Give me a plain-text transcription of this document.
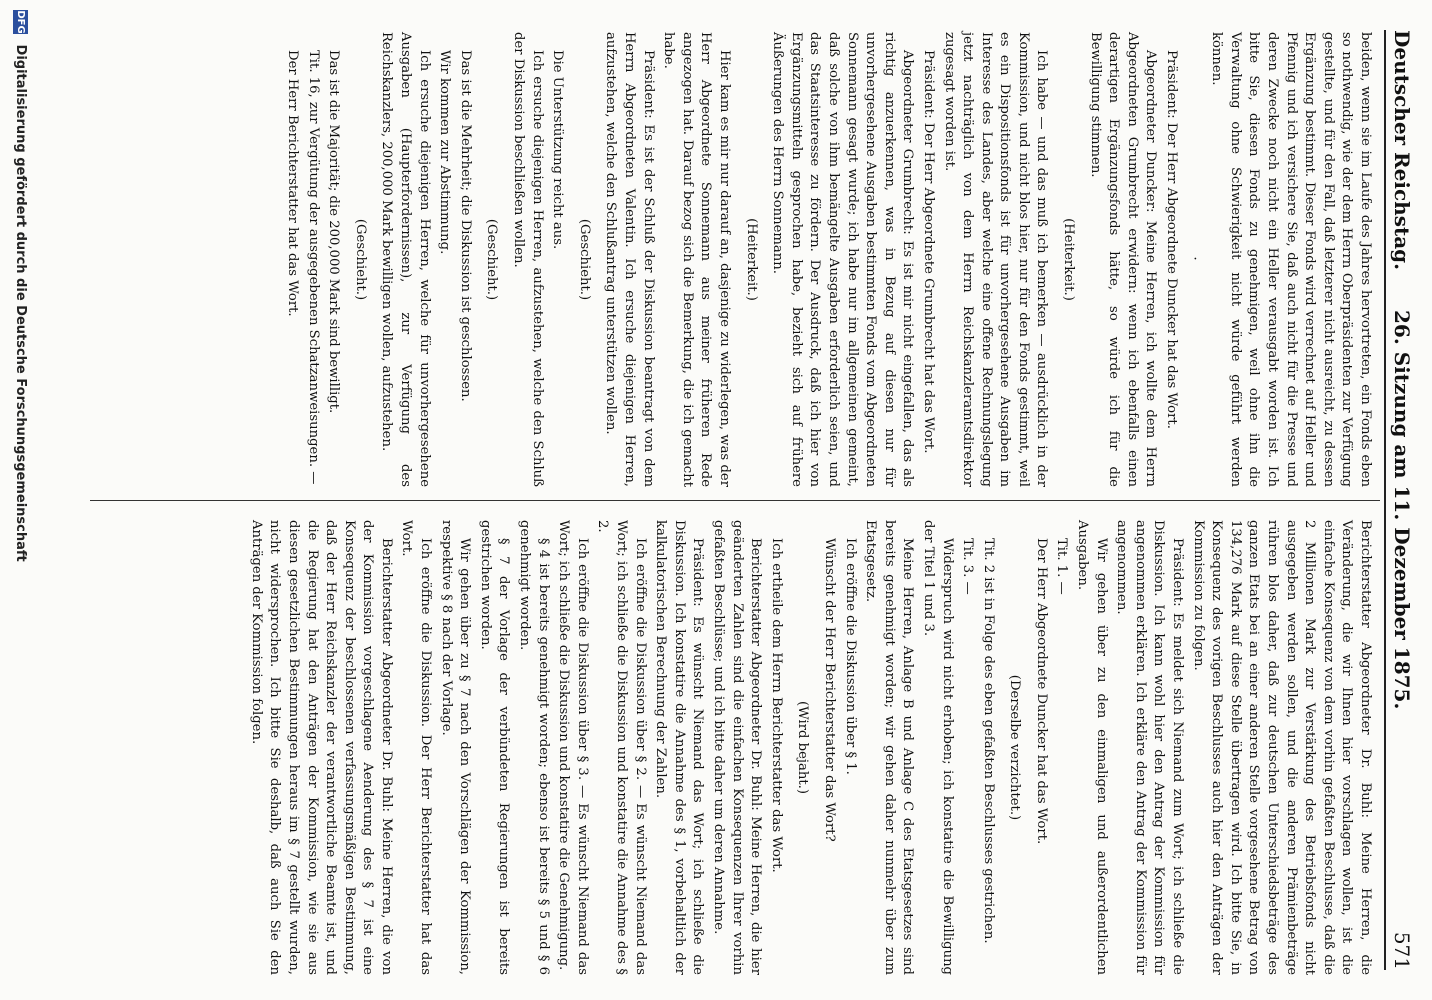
Deutscher Reichstag.
26. Sitzung am 11. Dezember 1875.
571

beiden, wenn sie im Laufe des Jahres hervortreten, ein Fonds eben so nothwendig, wie der dem Herrn Oberpräsidenten zur Verfügung gestellte, und für den Fall, daß letzterer nicht ausreicht, zu dessen Ergänzung bestimmt. Dieser Fonds wird verrechnet auf Heller und Pfennig und ich versichere Sie, daß auch nicht für die Presse und deren Zwecke noch nicht ein Heller verausgabt worden ist. Ich bitte Sie, diesen Fonds zu genehmigen, weil ohne ihn die Verwaltung ohne Schwierigkeit nicht würde geführt werden können.

·

Präsident: Der Herr Abgeordnete Duncker hat das Wort.

Abgeordneter Duncker: Meine Herren, ich wollte dem Herrn Abgeordneten Grumbrecht erwidern: wenn ich ebenfalls einen derartigen Ergänzungsfonds hätte, so würde ich für die Bewilligung stimmen.

(Heiterkeit.)

Ich habe — und das muß ich bemerken — ausdrücklich in der Kommission, und nicht blos hier, nur für den Fonds gestimmt, weil es ein Dispositionsfonds ist für unvorhergesehene Ausgaben im Interesse des Landes, aber welche eine offene Rechnungslegung jetzt nachträglich von dem Herrn Reichskanzleramtsdirektor zugesagt worden ist.

Präsident: Der Herr Abgeordnete Grumbrecht hat das Wort.

Abgeordneter Grumbrecht: Es ist mir nicht eingefallen, das als richtig anzuerkennen, was in Bezug auf diesen nur für unvorhergesehene Ausgaben bestimmten Fonds vom Abgeordneten Sonnemann gesagt wurde; ich habe nur im allgemeinen gemeint, daß solche von ihm bemängelte Ausgaben erforderlich seien, und das Staatsinteresse zu fördern. Der Ausdruck, daß ich hier von Ergänzungsmitteln gesprochen habe, bezieht sich auf frühere Äußerungen des Herrn Sonnemann.

(Heiterkeit.)

Hier kam es mir nur darauf an, dasjenige zu widerlegen, was der Herr Abgeordnete Sonnemann aus meiner früheren Rede angezogen hat. Darauf bezog sich die Bemerkung, die ich gemacht habe.

Präsident: Es ist der Schluß der Diskussion beantragt von dem Herrn Abgeordneten Valentin. Ich ersuche diejenigen Herren, aufzustehen, welche den Schlußantrag unterstützen wollen.

(Geschieht.)

Die Unterstützung reicht aus.

Ich ersuche diejenigen Herren, aufzustehen, welche den Schluß der Diskussion beschließen wollen.

(Geschieht.)

Das ist die Mehrheit; die Diskussion ist geschlossen.

Wir kommen zur Abstimmung.

Ich ersuche diejenigen Herren, welche für unvorhergesehene Ausgaben (Haupterfordernissen), zur Verfügung des Reichskanzlers, 200,000 Mark bewilligen wollen, aufzustehen.

(Geschieht.)

Das ist die Majorität; die 200,000 Mark sind bewilligt.

Tit. 16, zur Vergütung der ausgegebenen Schatzanweisungen. —

Der Herr Berichterstatter hat das Wort.

Berichterstatter Abgeordneter Dr. Buhl: Meine Herren, die Veränderung, die wir Ihnen hier vorschlagen wollen, ist die einfache Konsequenz von dem vorhin gefaßten Beschlusse, daß die 2 Millionen Mark zur Verstärkung des Betriebsfonds nicht ausgegeben werden sollen, und die anderen Prämienbeträge rühren blos daher, daß zur deutschen Unterschiedsbeträge des ganzen Etats bei an einer anderen Stelle vorgesehene Betrag von 134,276 Mark auf diese Stelle übertragen wird. Ich bitte Sie, in Konsequenz des vorigen Beschlusses auch hier den Anträgen der Kommission zu folgen.

Präsident: Es meldet sich Niemand zum Wort; ich schließe die Diskussion. Ich kann wohl hier den Antrag der Kommission für angenommen erklären. Ich erkläre den Antrag der Kommission für angenommen.

Wir gehen über zu den einmaligen und außerordentlichen Ausgaben.

Tit. 1. —

Der Herr Abgeordnete Duncker hat das Wort.

(Derselbe verzichtet.)

Tit. 2 ist in Folge des eben gefaßten Beschlusses gestrichen.

Tit. 3. —

Widerspruch wird nicht erhoben; ich konstatire die Bewilligung der Titel 1 und 3.

Meine Herren, Anlage B und Anlage C des Etatsgesetzes sind bereits genehmigt worden; wir gehen daher nunmehr über zum Etatsgesetz.

Ich eröffne die Diskussion über § 1.

Wünscht der Herr Berichterstatter das Wort?

(Wird bejaht.)

Ich ertheile dem Herrn Berichterstatter das Wort.

Berichterstatter Abgeordneter Dr. Buhl: Meine Herren, die hier geänderten Zahlen sind die einfachen Konsequenzen Ihrer vorhin gefaßten Beschlüsse; und ich bitte daher um deren Annahme.

Präsident: Es wünscht Niemand das Wort; ich schließe die Diskussion. Ich konstatire die Annahme des § 1, vorbehaltlich der kalkulatorischen Berechnung der Zahlen.

Ich eröffne die Diskussion über § 2. — Es wünscht Niemand das Wort; ich schließe die Diskussion und konstatire die Annahme des § 2.

Ich eröffne die Diskussion über § 3. — Es wünscht Niemand das Wort; ich schließe die Diskussion und konstatire die Genehmigung.

§ 4 ist bereits genehmigt worden; ebenso ist bereits § 5 und § 6 genehmigt worden.

§ 7 der Vorlage der verbündeten Regierungen ist bereits gestrichen worden.

Wir gehen über zu § 7 nach den Vorschlägen der Kommission, respektive § 8 nach der Vorlage.

Ich eröffne die Diskussion. Der Herr Berichterstatter hat das Wort.

Berichterstatter Abgeordneter Dr. Buhl: Meine Herren, die von der Kommission vorgeschlagene Aenderung des § 7 ist eine Konsequenz der beschlossenen verfassungsmäßigen Bestimmung, daß der Herr Reichskanzler der verantwortliche Beamte ist, und die Regierung hat den Anträgen der Kommission, wie sie aus diesen gesetzlichen Bestimmungen heraus im § 7 gestellt wurden, nicht widersprochen. Ich bitte Sie deshalb, daß auch Sie den Anträgen der Kommission folgen.

DFG Digitalisierung gefördert durch die Deutsche Forschungsgemeinschaft
